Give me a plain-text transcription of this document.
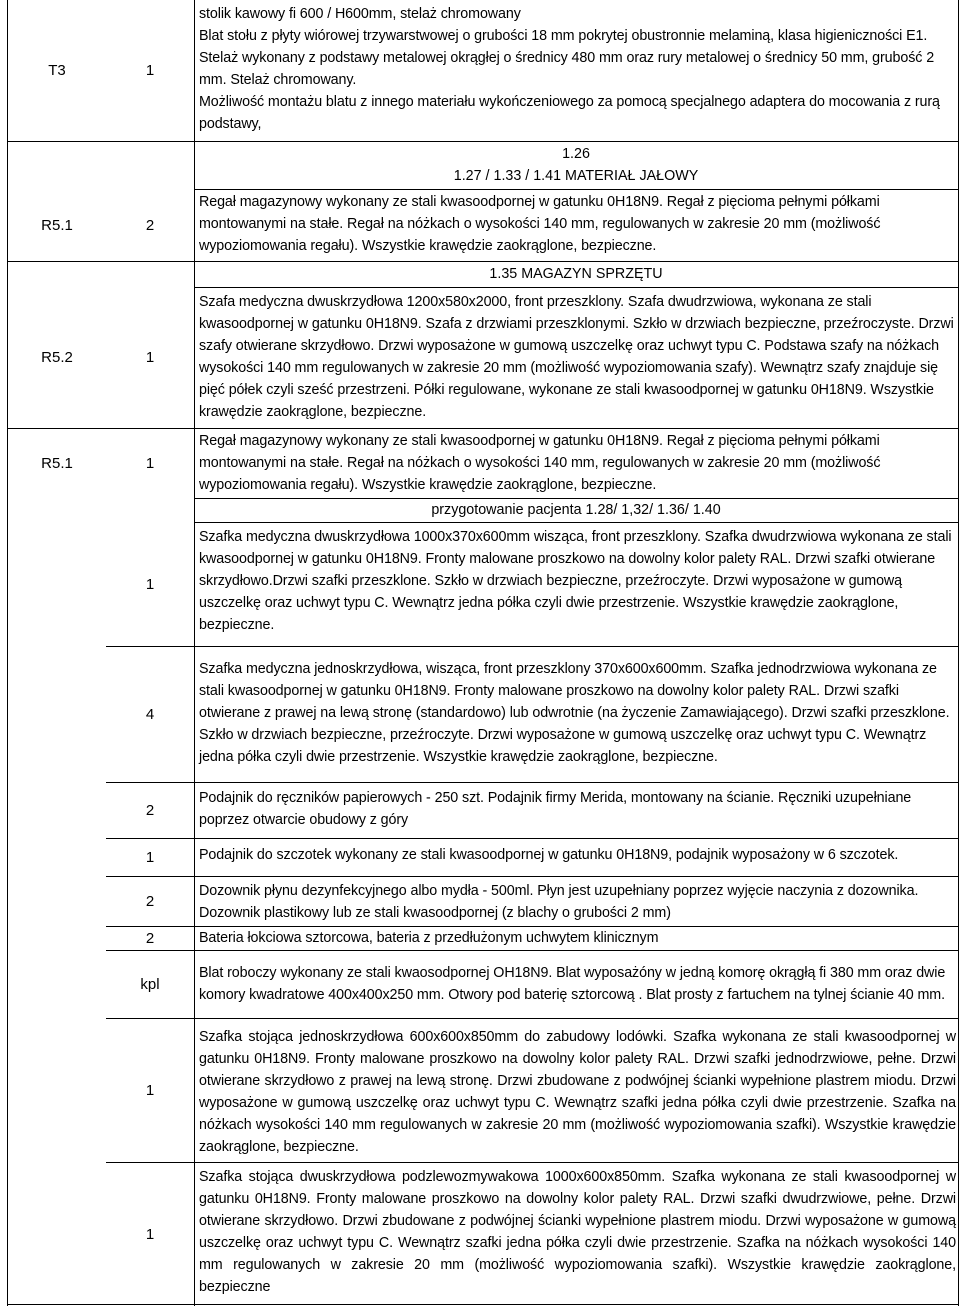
T3	1
stolik kawowy fi 600 / H600mm, stelaż chromowany
Blat stołu z płyty wiórowej trzywarstwowej o grubości 18 mm pokrytej obustronnie melaminą, klasa higieniczności E1.
Stelaż wykonany z podstawy metalowej okrągłej o średnicy 480 mm oraz rury metalowej o średnicy 50 mm, grubość 2 mm. Stelaż chromowany.
Możliwość montażu blatu z innego materiału wykończeniowego za pomocą specjalnego adaptera do mocowania z rurą podstawy,
1.26
1.27 / 1.33 / 1.41 MATERIAŁ JAŁOWY
R5.1	2
Regał magazynowy wykonany ze stali kwasoodpornej w gatunku 0H18N9. Regał z pięcioma pełnymi półkami montowanymi na stałe. Regał na nóżkach o wysokości 140 mm, regulowanych w zakresie 20 mm (możliwość wypoziomowania regału). Wszystkie krawędzie zaokrąglone, bezpieczne.
1.35 MAGAZYN SPRZĘTU
R5.2	1
Szafa medyczna dwuskrzydłowa 1200x580x2000, front przeszklony. Szafa dwudrzwiowa, wykonana ze stali kwasoodpornej w gatunku 0H18N9. Szafa z drzwiami przeszklonymi. Szkło w drzwiach bezpieczne, przeźroczyste. Drzwi szafy otwierane skrzydłowo. Drzwi wyposażone w gumową uszczelkę oraz uchwyt typu C. Podstawa szafy na nóżkach wysokości 140 mm regulowanych w zakresie 20 mm (możliwość wypoziomowania szafy). Wewnątrz szafy znajduje się pięć półek czyli sześć przestrzeni. Półki regulowane, wykonane ze stali kwasoodpornej w gatunku 0H18N9. Wszystkie krawędzie zaokrąglone, bezpieczne.
R5.1	1
Regał magazynowy wykonany ze stali kwasoodpornej w gatunku 0H18N9. Regał z pięcioma pełnymi półkami montowanymi na stałe. Regał na nóżkach o wysokości 140 mm, regulowanych w zakresie 20 mm (możliwość wypoziomowania regału). Wszystkie krawędzie zaokrąglone, bezpieczne.
przygotowanie pacjenta 1.28/ 1,32/ 1.36/ 1.40
1
Szafka medyczna dwuskrzydłowa 1000x370x600mm wisząca, front przeszklony. Szafka dwudrzwiowa wykonana ze stali kwasoodpornej w gatunku 0H18N9. Fronty malowane proszkowo na dowolny kolor palety RAL. Drzwi szafki otwierane skrzydłowo.Drzwi szafki przeszklone. Szkło w drzwiach bezpieczne, przeźroczyte. Drzwi wyposażone w gumową uszczelkę oraz uchwyt typu C. Wewnątrz jedna półka czyli dwie przestrzenie. Wszystkie krawędzie zaokrąglone, bezpieczne.
4
Szafka medyczna jednoskrzydłowa, wisząca, front przeszklony 370x600x600mm. Szafka jednodrzwiowa wykonana ze stali kwasoodpornej w gatunku 0H18N9. Fronty malowane proszkowo na dowolny kolor palety RAL. Drzwi szafki otwierane z prawej na lewą stronę (standardowo) lub odwrotnie (na życzenie Zamawiającego). Drzwi szafki przeszklone. Szkło w drzwiach bezpieczne, przeźroczyte. Drzwi wyposażone w gumową uszczelkę oraz uchwyt typu C. Wewnątrz jedna półka czyli dwie przestrzenie. Wszystkie krawędzie zaokrąglone, bezpieczne.
2
Podajnik do ręczników papierowych - 250 szt. Podajnik firmy Merida, montowany na ścianie. Ręczniki uzupełniane poprzez otwarcie obudowy z góry
1	Podajnik do szczotek wykonany ze stali kwasoodpornej w gatunku 0H18N9, podajnik wyposażony w 6 szczotek.
2
Dozownik płynu dezynfekcyjnego albo mydła - 500ml. Płyn jest uzupełniany poprzez wyjęcie naczynia z dozownika.
Dozownik plastikowy lub ze stali kwasoodpornej (z blachy o grubości 2 mm)
2	Bateria łokciowa sztorcowa, bateria z przedłużonym uchwytem klinicznym
kpl
Blat roboczy wykonany ze stali kwaosodpornej OH18N9. Blat wyposażóny w jedną komorę okrągłą fi 380 mm oraz dwie komory kwadratowe 400x400x250 mm. Otwory pod baterię sztorcową . Blat prosty z fartuchem na tylnej ścianie 40 mm.
1
Szafka stojąca jednoskrzydłowa 600x600x850mm do zabudowy lodówki. Szafka wykonana ze stali kwasoodpornej w gatunku 0H18N9. Fronty malowane proszkowo na dowolny kolor palety RAL. Drzwi szafki jednodrzwiowe, pełne. Drzwi otwierane skrzydłowo z prawej na lewą stronę. Drzwi zbudowane z podwójnej ścianki wypełnione plastrem miodu. Drzwi wyposażone w gumową uszczelkę oraz uchwyt typu C. Wewnątrz szafki jedna półka czyli dwie przestrzenie. Szafka na nóżkach wysokości 140 mm regulowanych w zakresie 20 mm (możliwość wypoziomowania szafki). Wszystkie krawędzie zaokrąglone, bezpieczne.
1
Szafka stojąca dwuskrzydłowa podzlewozmywakowa 1000x600x850mm. Szafka wykonana ze stali kwasoodpornej w gatunku 0H18N9. Fronty malowane proszkowo na dowolny kolor palety RAL. Drzwi szafki dwudrzwiowe, pełne. Drzwi otwierane skrzydłowo. Drzwi zbudowane z podwójnej ścianki wypełnione plastrem miodu. Drzwi wyposażone w gumową uszczelkę oraz uchwyt typu C. Wewnątrz szafki jedna półka czyli dwie przestrzenie. Szafka na nóżkach wysokości 140 mm regulowanych w zakresie 20 mm (możliwość wypoziomowania szafki). Wszystkie krawędzie zaokrąglone, bezpieczne
